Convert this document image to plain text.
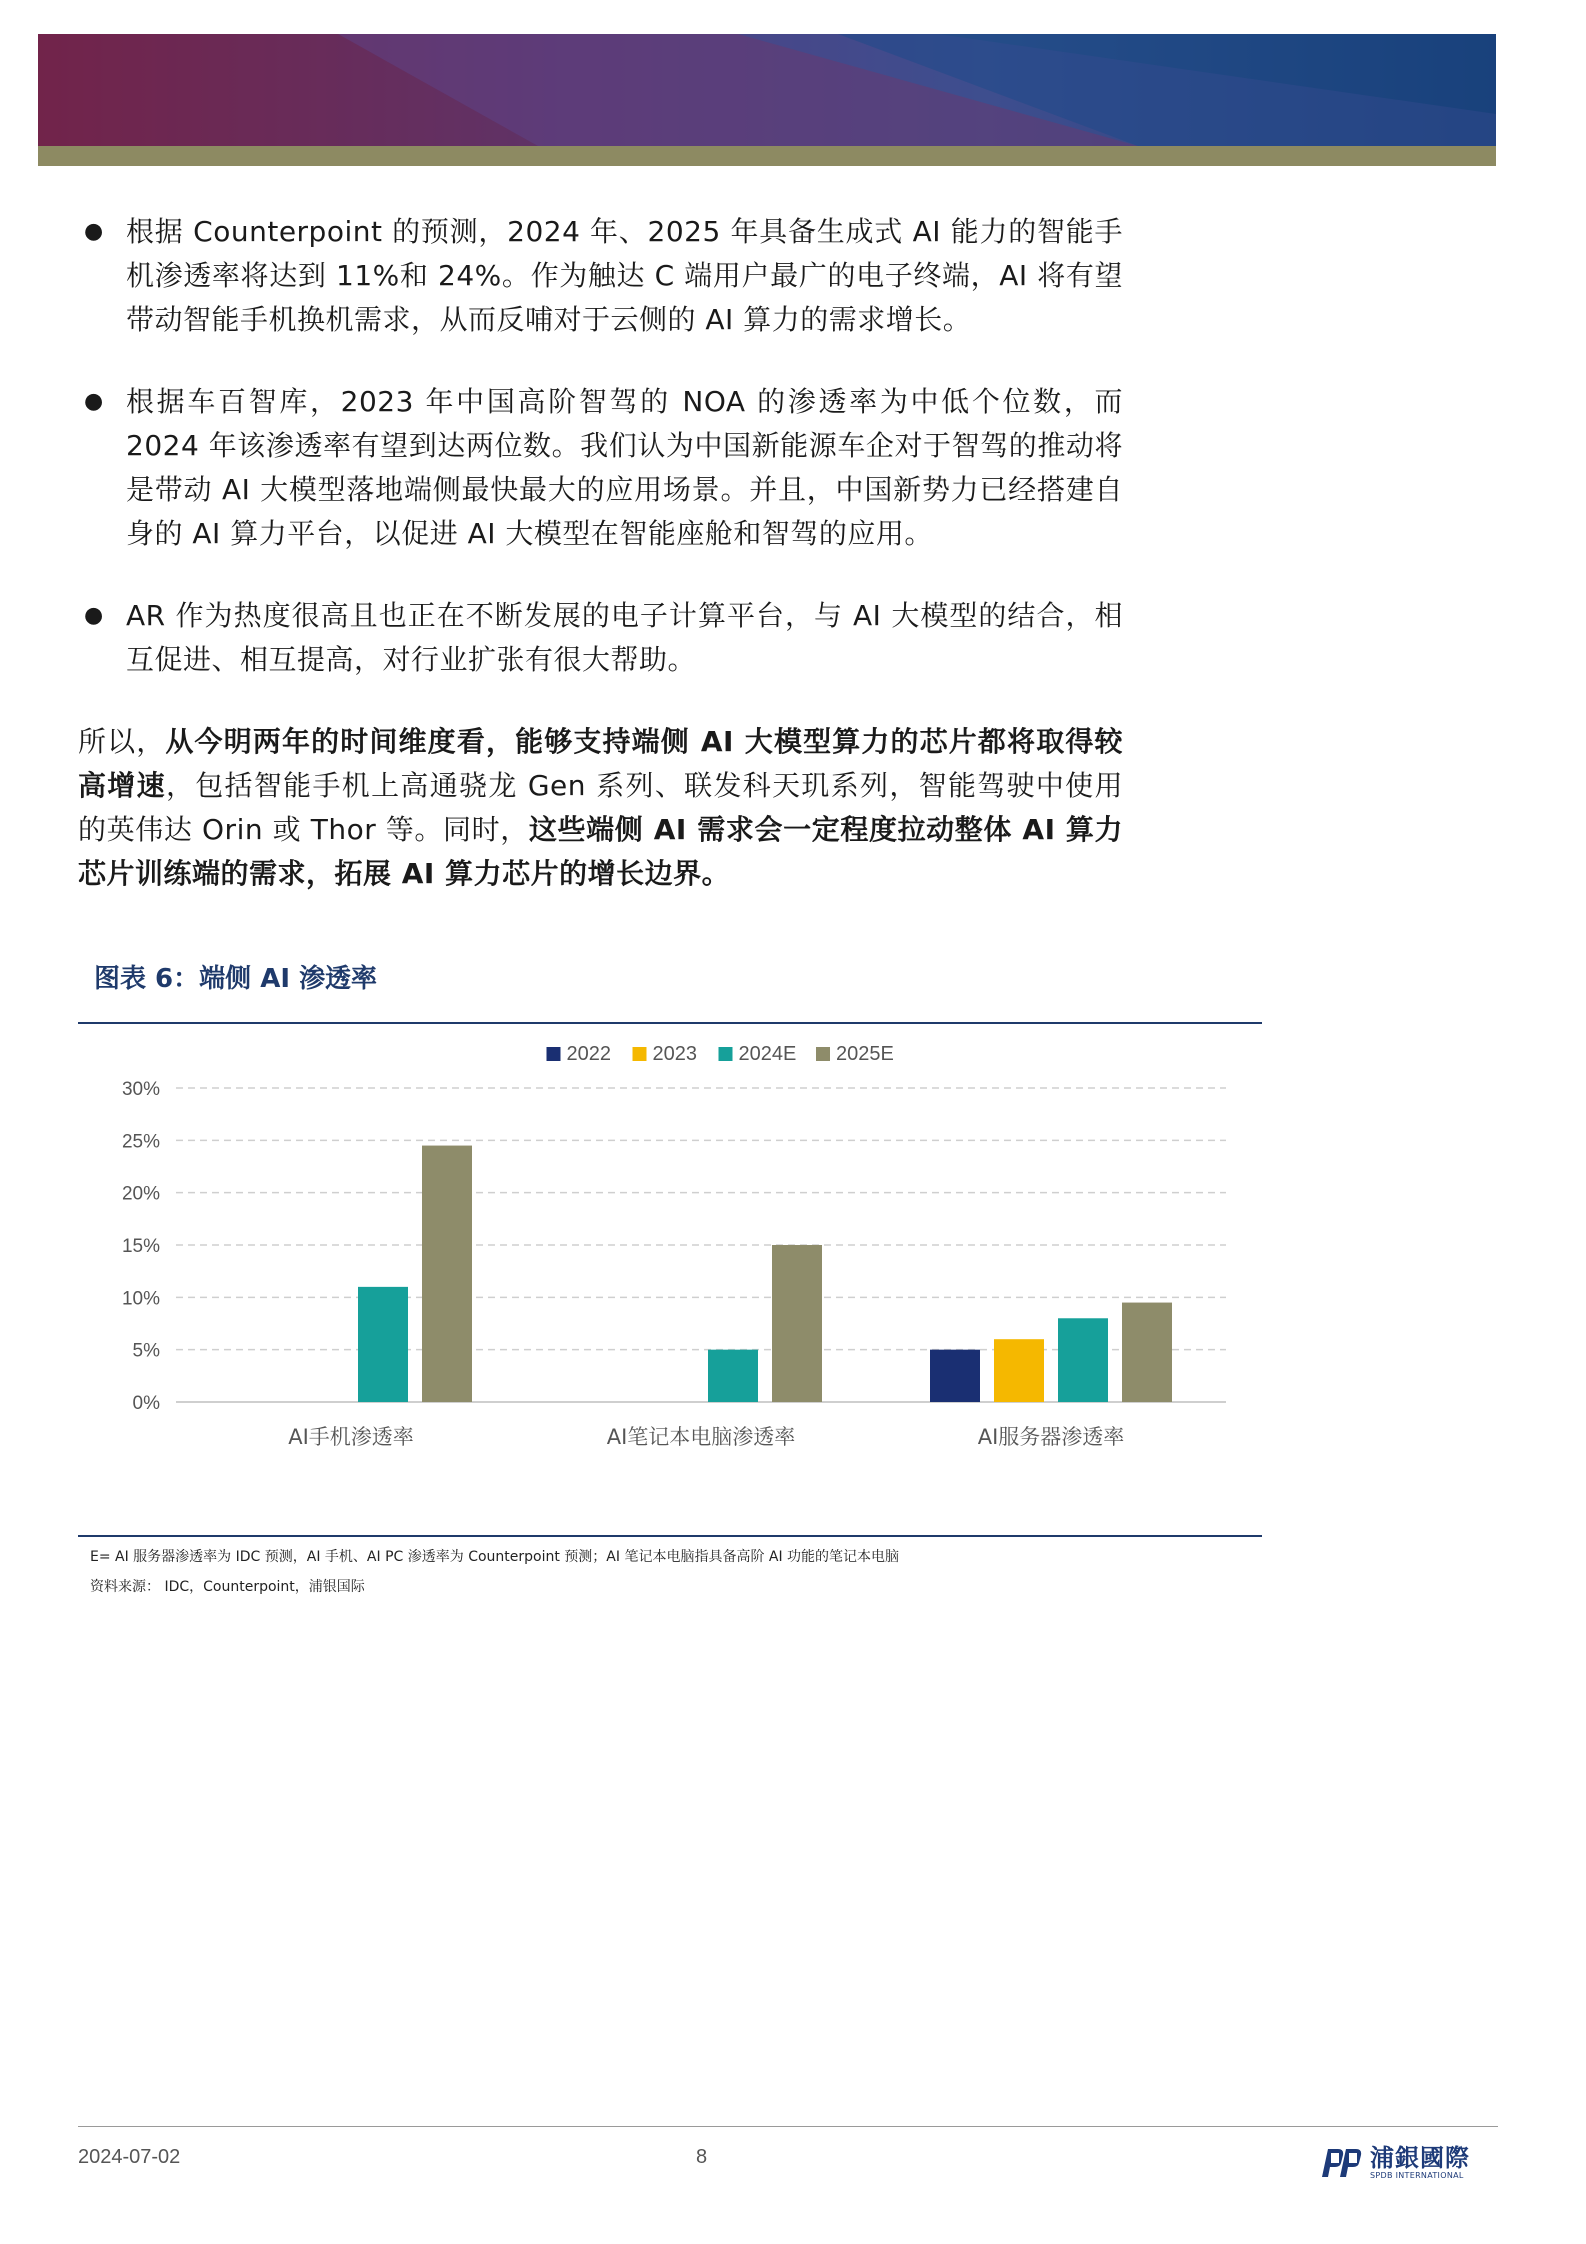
● 根据 Counterpoint 的预测，2024 年、2025 年具备生成式 AI 能力的智能手机渗透率将达到 11%和 24%。作为触达 C 端用户最广的电子终端，AI 将有望带动智能手机换机需求，从而反哺对于云侧的 AI 算力的需求增长。
● 根据车百智库，2023 年中国高阶智驾的 NOA 的渗透率为中低个位数，而 2024 年该渗透率有望到达两位数。我们认为中国新能源车企对于智驾的推动将是带动 AI 大模型落地端侧最快最大的应用场景。并且，中国新势力已经搭建自身的 AI 算力平台，以促进 AI 大模型在智能座舱和智驾的应用。
● AR 作为热度很高且也正在不断发展的电子计算平台，与 AI 大模型的结合，相互促进、相互提高，对行业扩张有很大帮助。
所以，从今明两年的时间维度看，能够支持端侧 AI 大模型算力的芯片都将取得较高增速，包括智能手机上高通骁龙 Gen 系列、联发科天玑系列，智能驾驶中使用的英伟达 Orin 或 Thor 等。同时，这些端侧 AI 需求会一定程度拉动整体 AI 算力芯片训练端的需求，拓展 AI 算力芯片的增长边界。
图表 6：端侧 AI 渗透率
0%
5%
10%
15%
20%
25%
30%
AI手机渗透率	AI笔记本电脑渗透率	AI服务器渗透率
2022 2023 2024E 2025E
E= AI 服务器渗透率为 IDC 预测，AI 手机、AI PC 渗透率为 Counterpoint 预测；AI 笔记本电脑指具备高阶 AI 功能的笔记本电脑
资料来源： IDC，Counterpoint，浦银国际
2024-07-02	8	浦銀國際
SPDB INTERNATIONAL
